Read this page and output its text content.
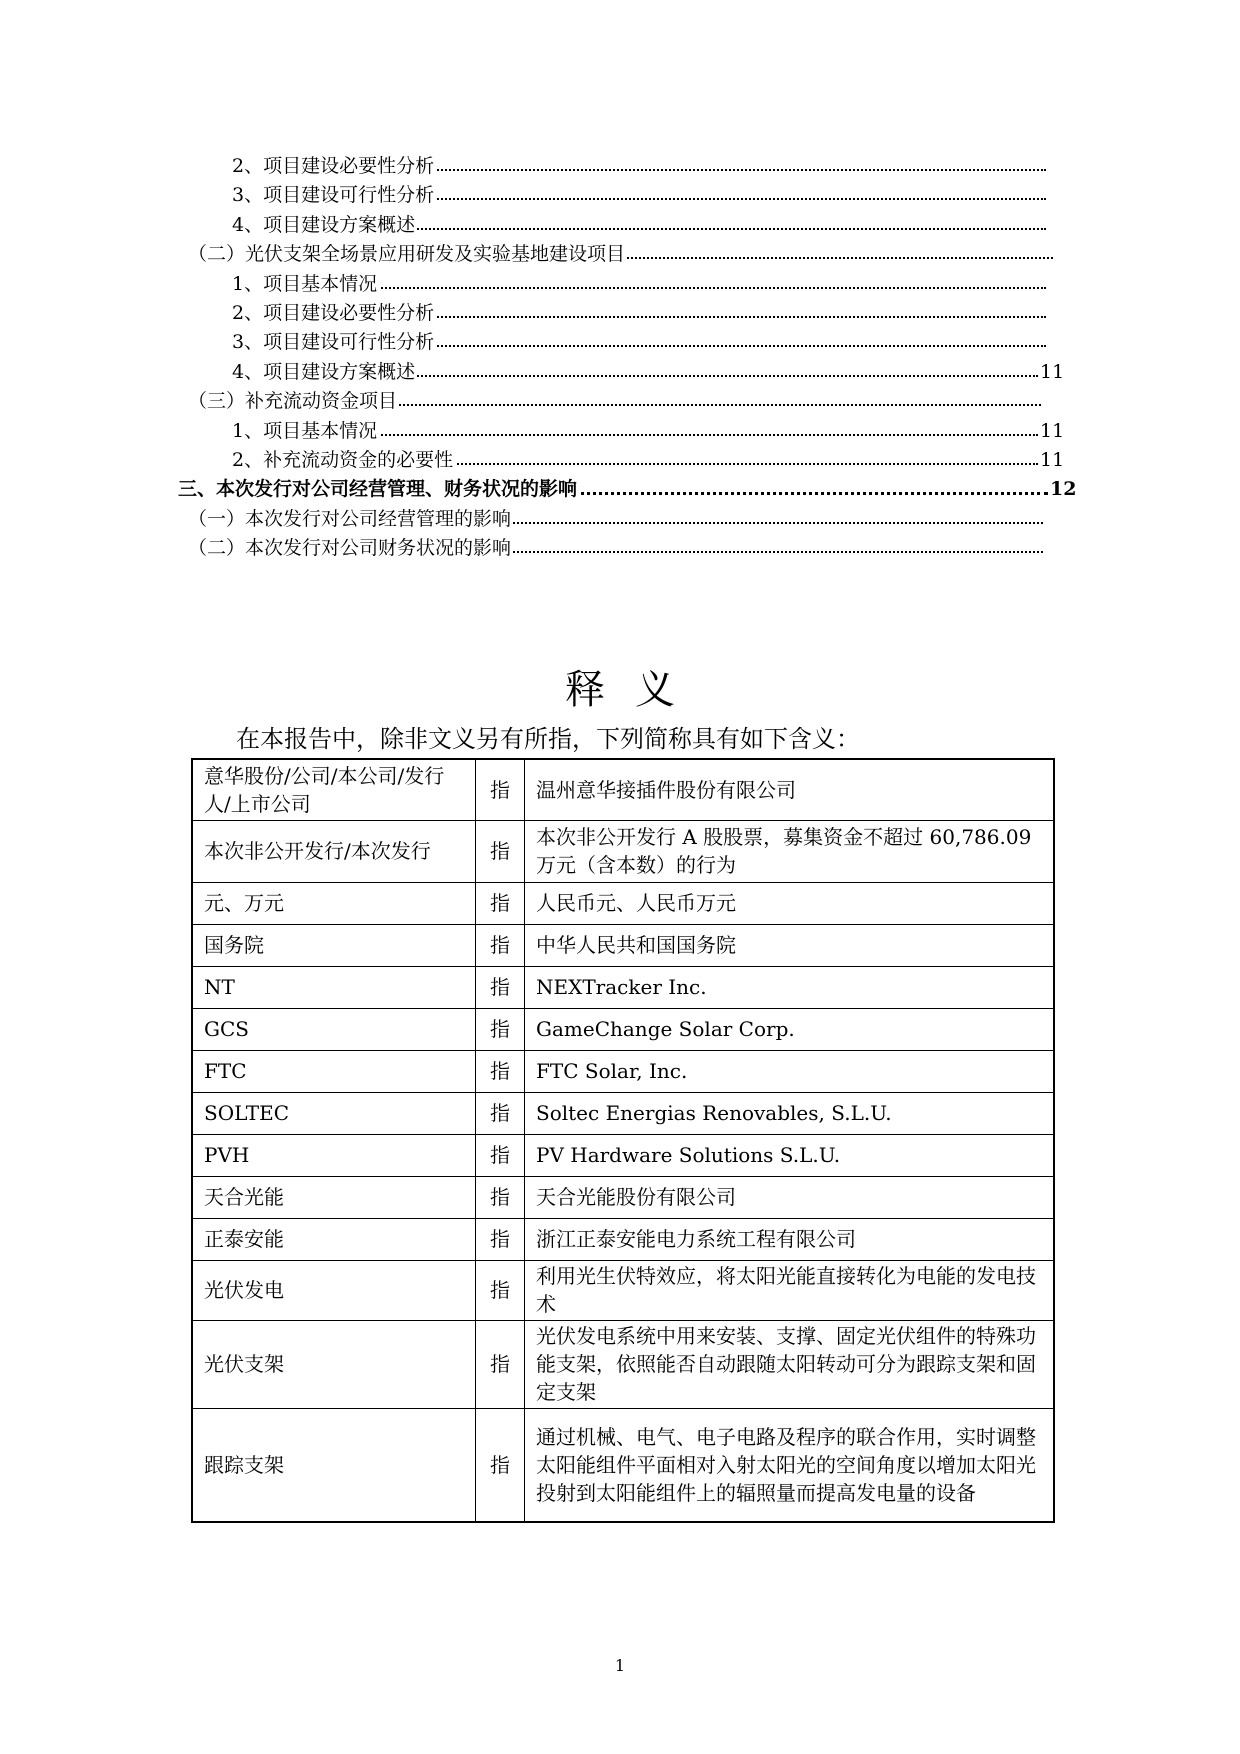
2、项目建设必要性分析
3、项目建设可行性分析
4、项目建设方案概述
（二）光伏支架全场景应用研发及实验基地建设项目
1、项目基本情况
2、项目建设必要性分析
3、项目建设可行性分析
4、项目建设方案概述	11
（三）补充流动资金项目
1、项目基本情况	11
2、补充流动资金的必要性	11
三、本次发行对公司经营管理、财务状况的影响	12
（一）本次发行对公司经营管理的影响
（二）本次发行对公司财务状况的影响
释义
在本报告中，除非文义另有所指，下列简称具有如下含义：
意华股份/公司/本公司/发行人/上市公司	指	温州意华接插件股份有限公司
本次非公开发行/本次发行	指	本次非公开发行 A 股股票，募集资金不超过 60,786.09 万元（含本数）的行为
元、万元	指	人民币元、人民币万元
国务院	指	中华人民共和国国务院
NT	指	NEXTracker Inc.
GCS	指	GameChange Solar Corp.
FTC	指	FTC Solar, Inc.
SOLTEC	指	Soltec Energias Renovables, S.L.U.
PVH	指	PV Hardware Solutions S.L.U.
天合光能	指	天合光能股份有限公司
正泰安能	指	浙江正泰安能电力系统工程有限公司
光伏发电	指	利用光生伏特效应，将太阳光能直接转化为电能的发电技术
光伏支架	指	光伏发电系统中用来安装、支撑、固定光伏组件的特殊功能支架，依照能否自动跟随太阳转动可分为跟踪支架和固定支架
跟踪支架	指	通过机械、电气、电子电路及程序的联合作用，实时调整太阳能组件平面相对入射太阳光的空间角度以增加太阳光投射到太阳能组件上的辐照量而提高发电量的设备
1
